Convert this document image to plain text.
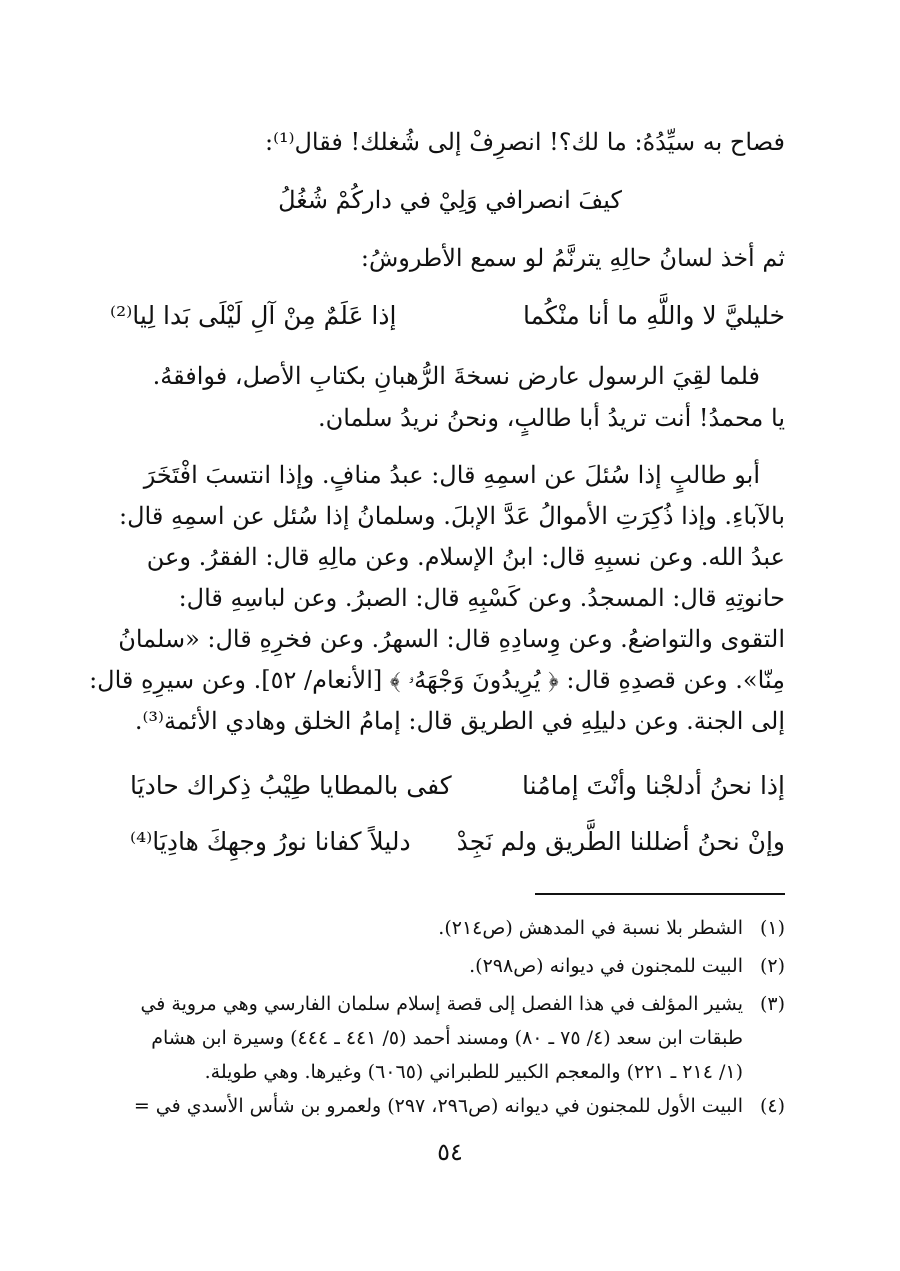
فصاح به سيِّدُهُ: ما لك؟! انصرِفْ إلى شُغلك! فقال⁽¹⁾:
كيفَ انصرافي وَلِيْ في داركُمْ شُغُلُ
ثم أخذ لسانُ حالِهِ يترنَّمُ لو سمع الأطروشُ:
خليليَّ لا واللَّهِ ما أنا منْكُما
إذا عَلَمٌ مِنْ آلِ لَيْلَى بَدا لِيا⁽²⁾
فلما لقِيَ الرسول عارض نسخةَ الرُّهبانِ بكتابِ الأصل، فوافقهُ.
يا محمدُ! أنت تريدُ أبا طالبٍ، ونحنُ نريدُ سلمان.
أبو طالبٍ إذا سُئلَ عن اسمِهِ قال: عبدُ منافٍ. وإذا انتسبَ افْتَخَرَ
بالآباءِ. وإذا ذُكِرَتِ الأموالُ عَدَّ الإبلَ. وسلمانُ إذا سُئل عن اسمِهِ قال:
عبدُ الله. وعن نسبِهِ قال: ابنُ الإسلام. وعن مالِهِ قال: الفقرُ. وعن
حانوتِهِ قال: المسجدُ. وعن كَسْبِهِ قال: الصبرُ. وعن لباسِهِ قال:
التقوى والتواضعُ. وعن وِسادِهِ قال: السهرُ. وعن فخرِهِ قال: «سلمانُ
مِنّا». وعن قصدِهِ قال: ﴿ يُرِيدُونَ وَجْهَهُۥ ﴾ [الأنعام/ ٥٢]. وعن سيرِهِ قال:
إلى الجنة. وعن دليلِهِ في الطريق قال: إمامُ الخلق وهادي الأئمة⁽³⁾.
إذا نحنُ أدلجْنا وأنْتَ إمامُنا
كفى بالمطايا طِيْبُ ذِكراك حاديَا
وإنْ نحنُ أضللنا الطَّريق ولم نَجِدْ
دليلاً كفانا نورُ وجهِكَ هادِيَا⁽⁴⁾
(١)الشطر بلا نسبة في المدهش (ص٢١٤).
(٢)البيت للمجنون في ديوانه (ص٢٩٨).
(٣)يشير المؤلف في هذا الفصل إلى قصة إسلام سلمان الفارسي وهي مروية في
طبقات ابن سعد (٤/ ٧٥ ـ ٨٠) ومسند أحمد (٥/ ٤٤١ ـ ٤٤٤) وسيرة ابن هشام
(١/ ٢١٤ ـ ٢٢١) والمعجم الكبير للطبراني (٦٠٦٥) وغيرها. وهي طويلة.
(٤)البيت الأول للمجنون في ديوانه (ص٢٩٦، ٢٩٧) ولعمرو بن شأس الأسدي في =
٥٤
